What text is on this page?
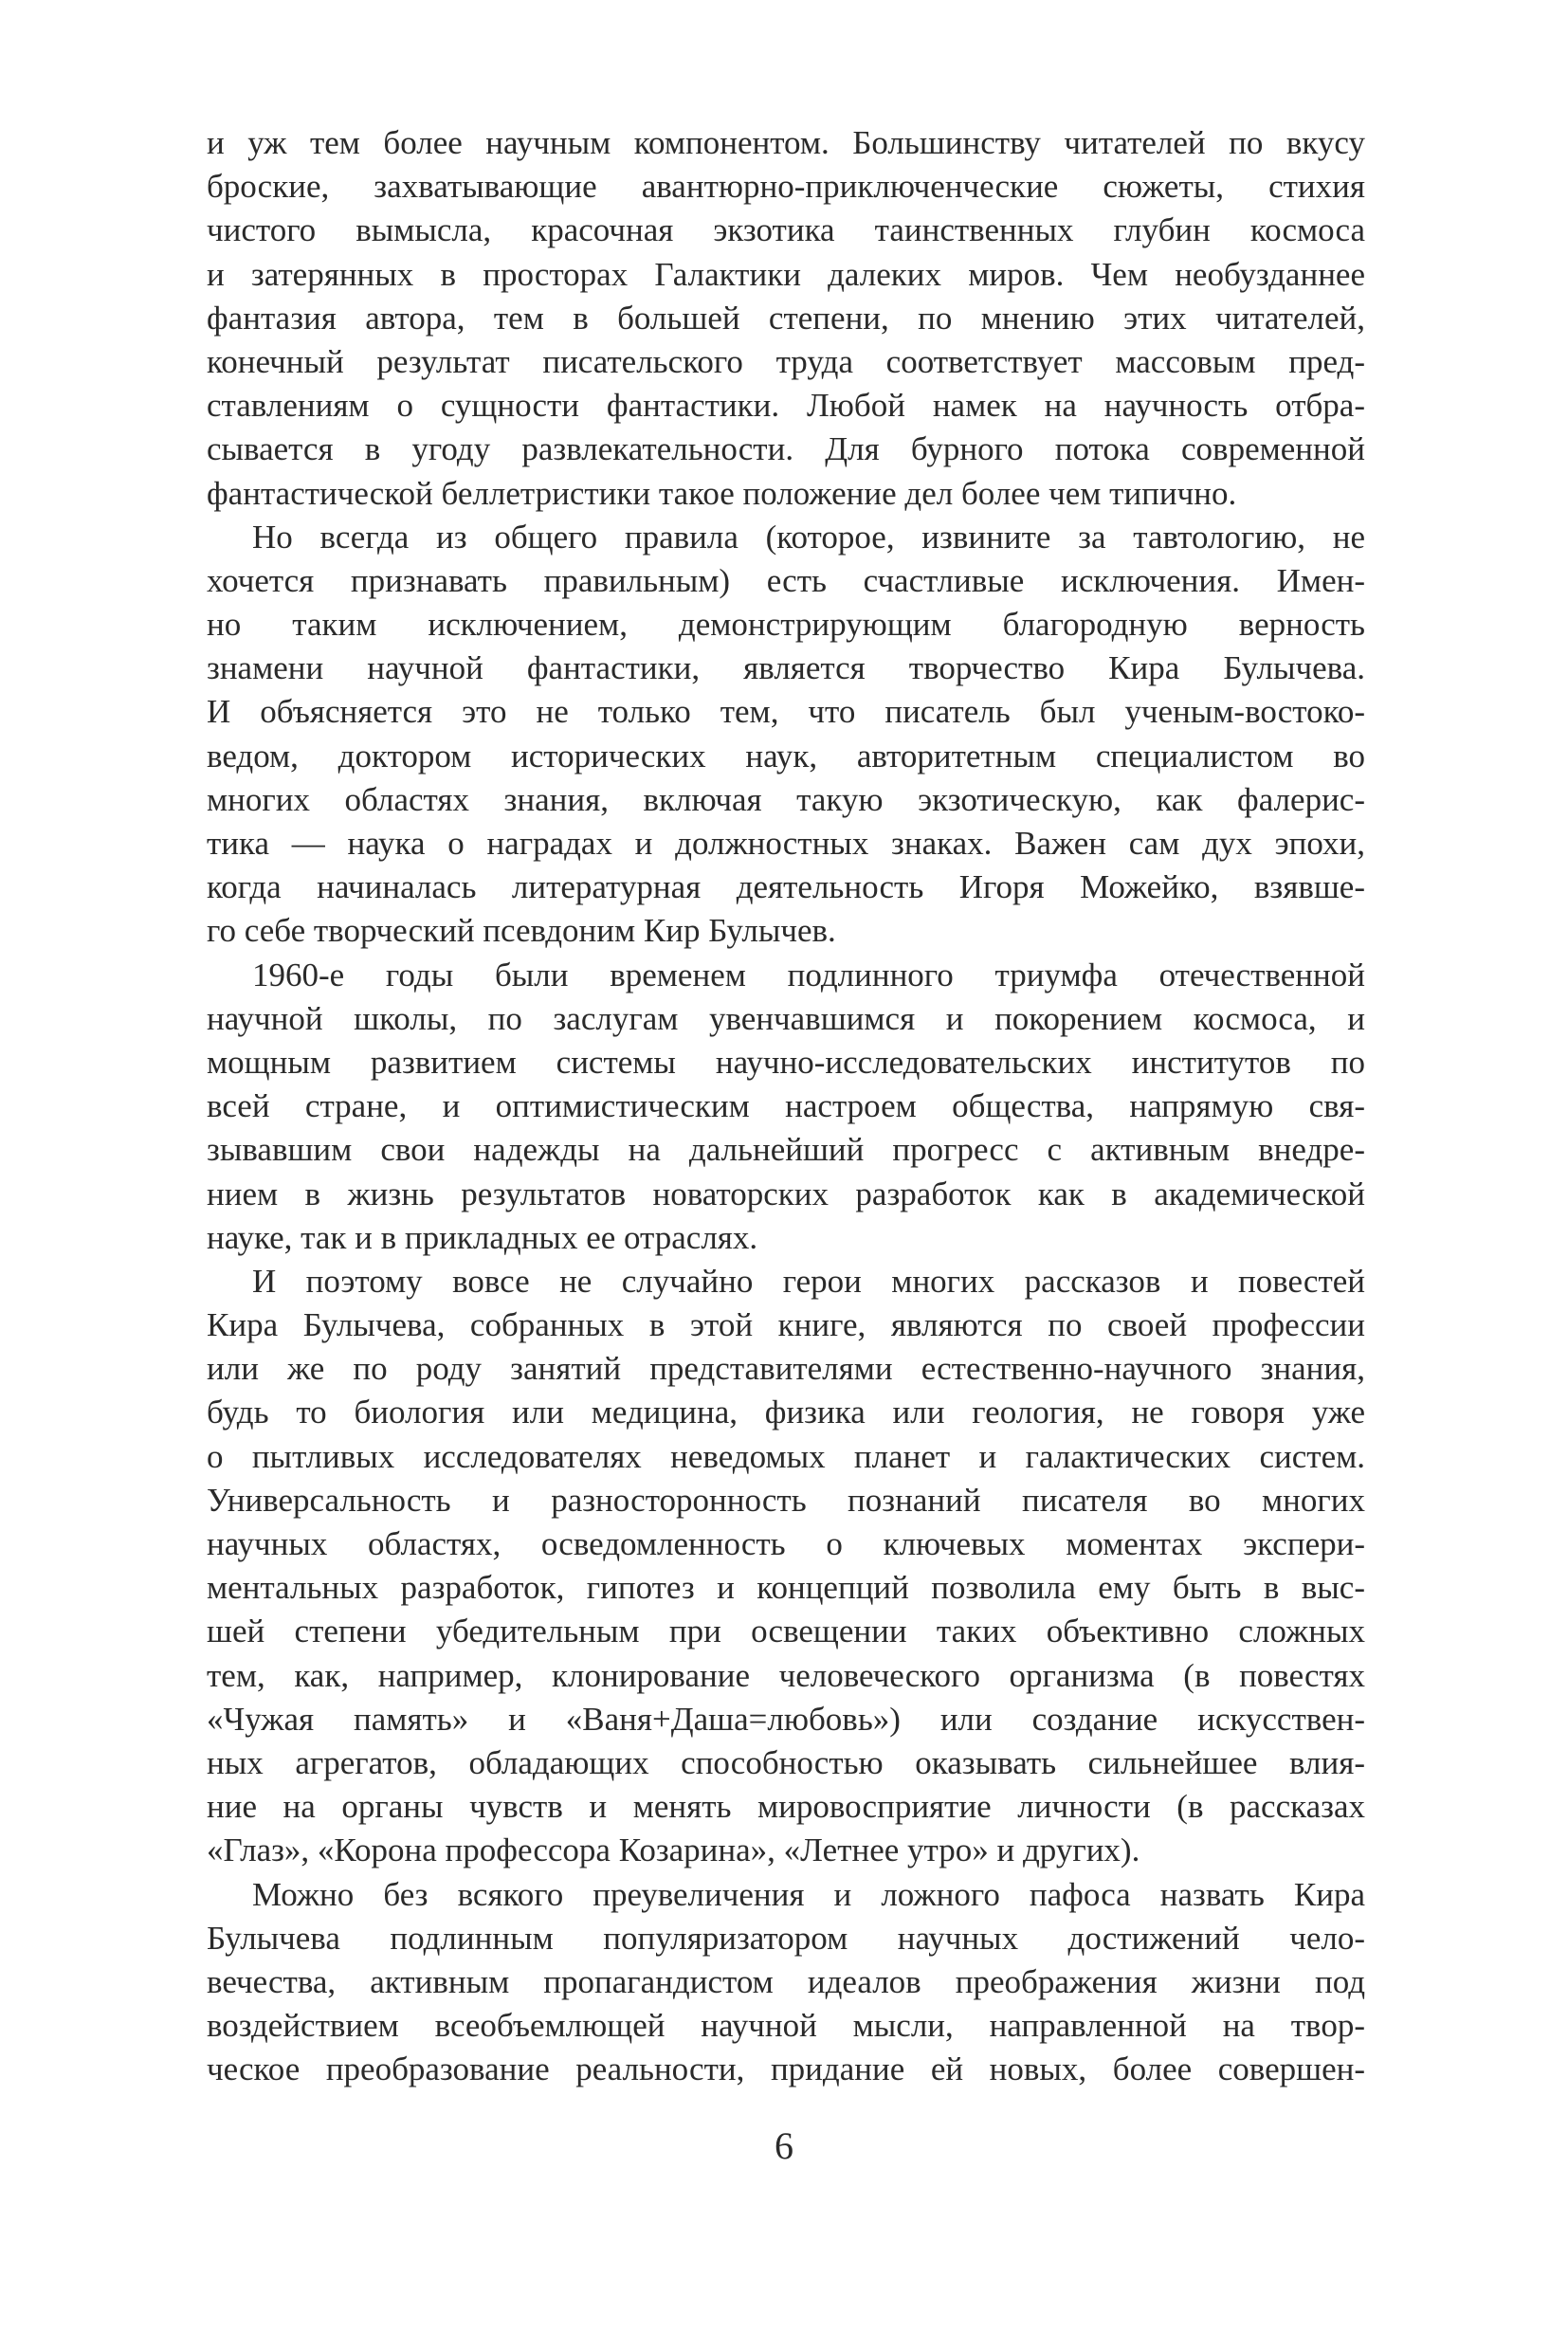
и уж тем более научным компонентом. Большинству читателей по вкусу
броские, захватывающие авантюрно-приключенческие сюжеты, стихия
чистого вымысла, красочная экзотика таинственных глубин космоса
и затерянных в просторах Галактики далеких миров. Чем необузданнее
фантазия автора, тем в большей степени, по мнению этих читателей,
конечный результат писательского труда соответствует массовым пред-
ставлениям о сущности фантастики. Любой намек на научность отбра-
сывается в угоду развлекательности. Для бурного потока современной
фантастической беллетристики такое положение дел более чем типично.
Но всегда из общего правила (которое, извините за тавтологию, не
хочется признавать правильным) есть счастливые исключения. Имен-
но таким исключением, демонстрирующим благородную верность
знамени научной фантастики, является творчество Кира Булычева.
И объясняется это не только тем, что писатель был ученым-востоко-
ведом, доктором исторических наук, авторитетным специалистом во
многих областях знания, включая такую экзотическую, как фалерис-
тика — наука о наградах и должностных знаках. Важен сам дух эпохи,
когда начиналась литературная деятельность Игоря Можейко, взявше-
го себе творческий псевдоним Кир Булычев.
1960-е годы были временем подлинного триумфа отечественной
научной школы, по заслугам увенчавшимся и покорением космоса, и
мощным развитием системы научно-исследовательских институтов по
всей стране, и оптимистическим настроем общества, напрямую свя-
зывавшим свои надежды на дальнейший прогресс с активным внедре-
нием в жизнь результатов новаторских разработок как в академической
науке, так и в прикладных ее отраслях.
И поэтому вовсе не случайно герои многих рассказов и повестей
Кира Булычева, собранных в этой книге, являются по своей профессии
или же по роду занятий представителями естественно-научного знания,
будь то биология или медицина, физика или геология, не говоря уже
о пытливых исследователях неведомых планет и галактических систем.
Универсальность и разносторонность познаний писателя во многих
научных областях, осведомленность о ключевых моментах экспери-
ментальных разработок, гипотез и концепций позволила ему быть в выс-
шей степени убедительным при освещении таких объективно сложных
тем, как, например, клонирование человеческого организма (в повестях
«Чужая память» и «Ваня+Даша=любовь») или создание искусствен-
ных агрегатов, обладающих способностью оказывать сильнейшее влия-
ние на органы чувств и менять мировосприятие личности (в рассказах
«Глаз», «Корона профессора Козарина», «Летнее утро» и других).
Можно без всякого преувеличения и ложного пафоса назвать Кира
Булычева подлинным популяризатором научных достижений чело-
вечества, активным пропагандистом идеалов преображения жизни под
воздействием всеобъемлющей научной мысли, направленной на твор-
ческое преобразование реальности, придание ей новых, более совершен-
6
